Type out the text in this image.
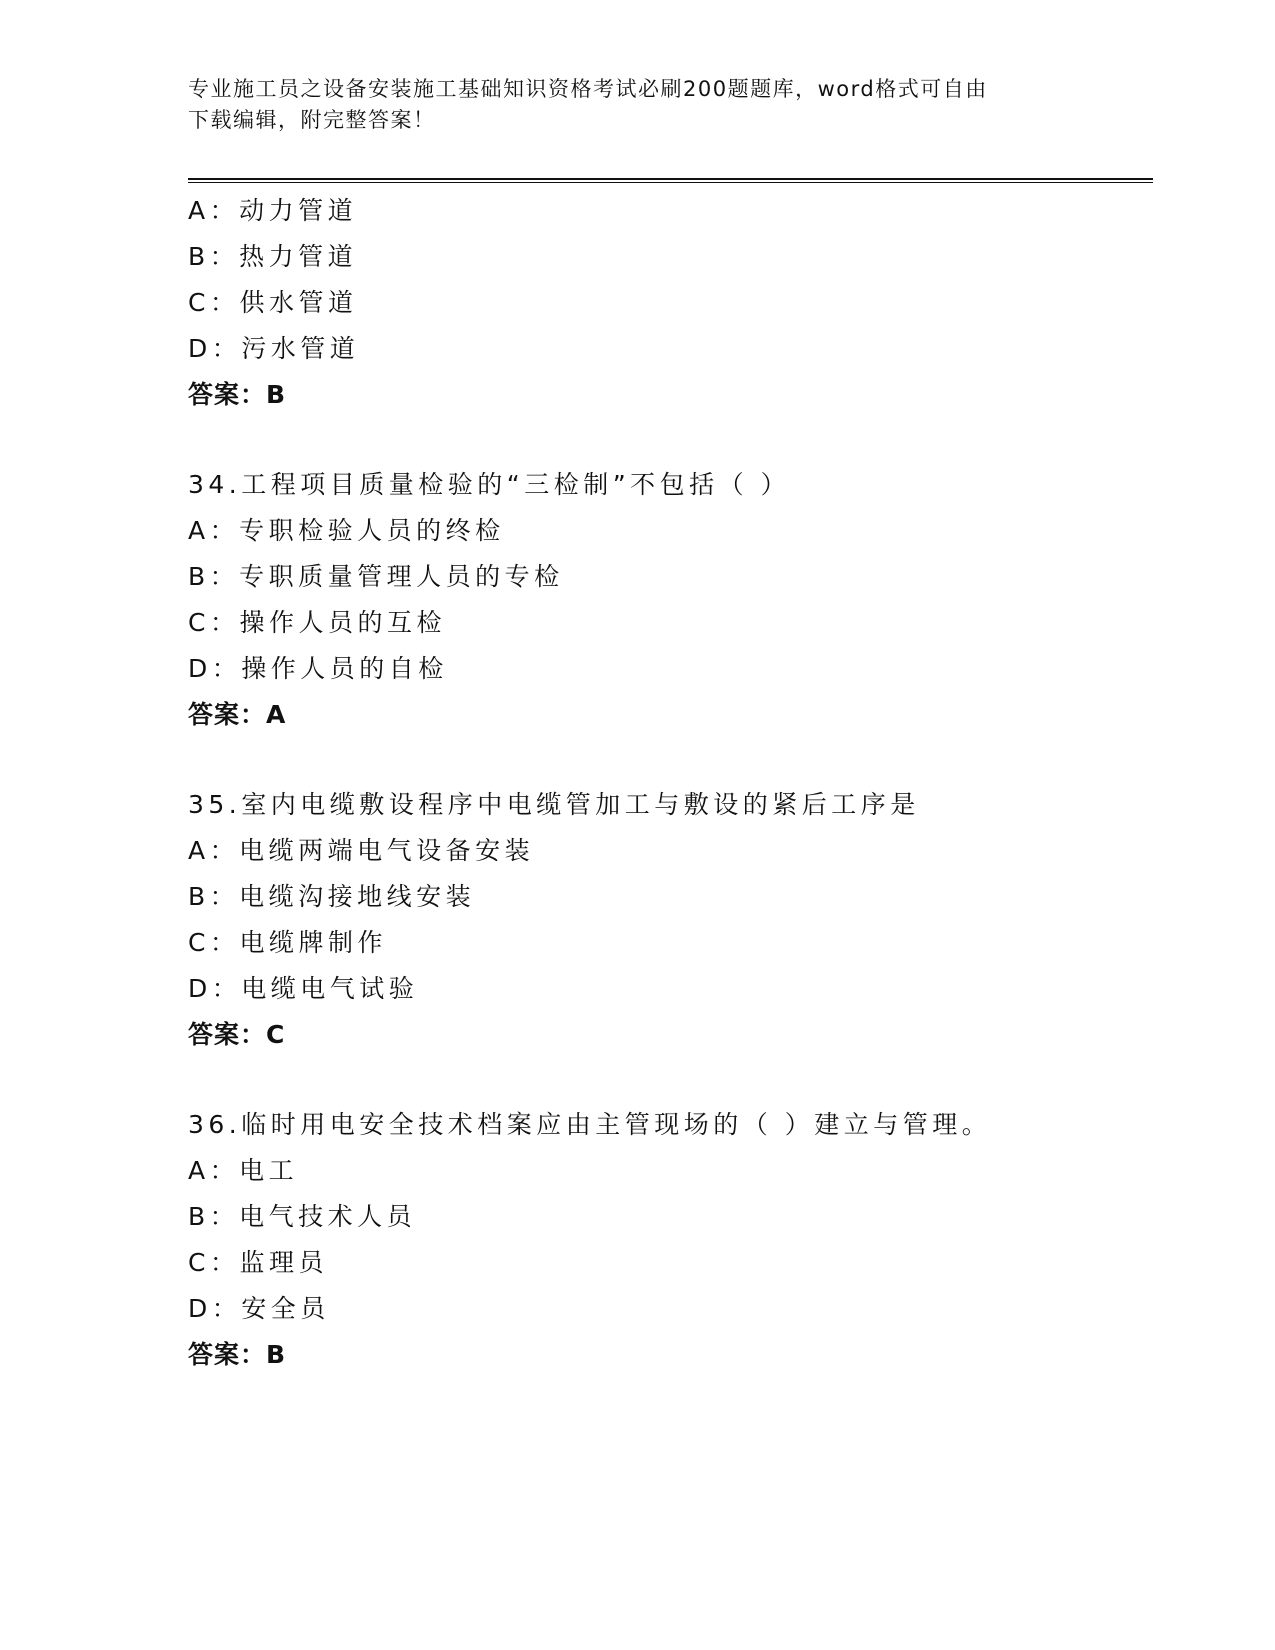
专业施工员之设备安装施工基础知识资格考试必刷200题题库，word格式可自由
下载编辑，附完整答案！
A：动力管道
B：热力管道
C：供水管道
D：污水管道
答案：B
34.工程项目质量检验的“三检制”不包括（ ）
A：专职检验人员的终检
B：专职质量管理人员的专检
C：操作人员的互检
D：操作人员的自检
答案：A
35.室内电缆敷设程序中电缆管加工与敷设的紧后工序是
A：电缆两端电气设备安装
B：电缆沟接地线安装
C：电缆牌制作
D：电缆电气试验
答案：C
36.临时用电安全技术档案应由主管现场的（ ）建立与管理。
A：电工
B：电气技术人员
C：监理员
D：安全员
答案：B
